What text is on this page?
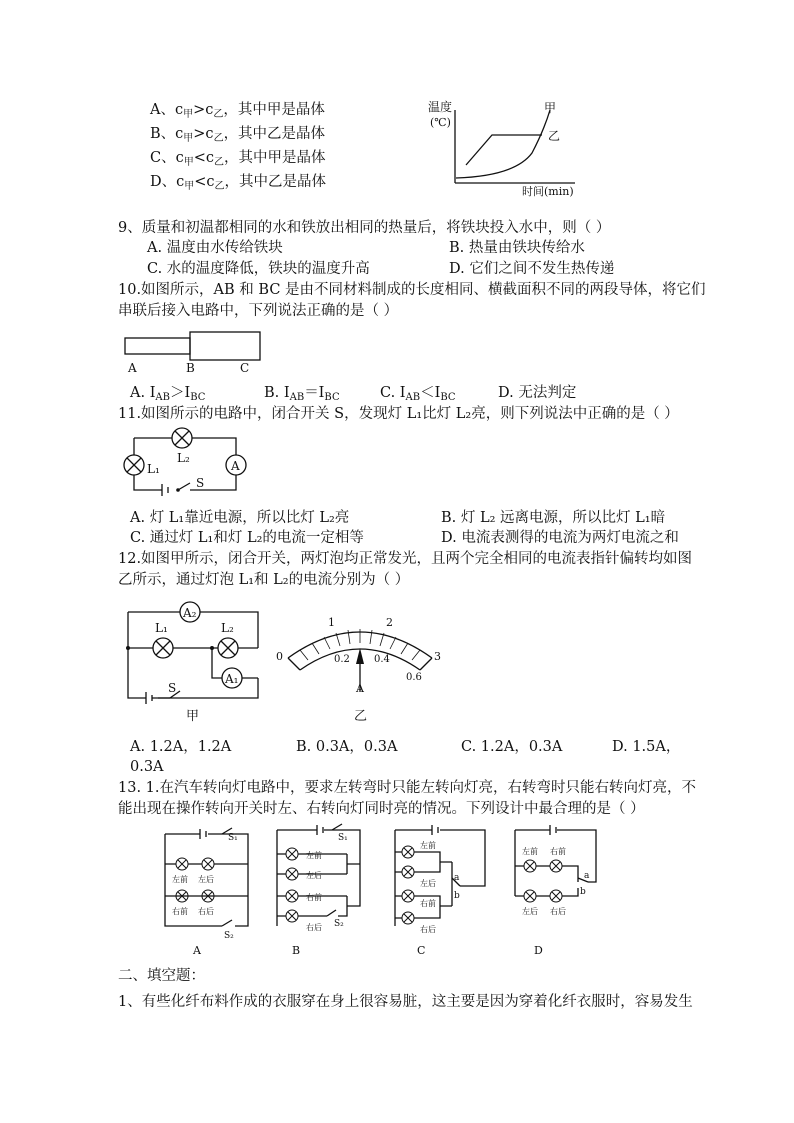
A、$c_甲>c_乙$，其中甲是晶体
B、$c_甲>c_乙$，其中乙是晶体
C、$c_甲<c_乙$，其中甲是晶体
D、$c_甲<c_乙$，其中乙是晶体
温度
(℃)
甲
乙
时间(min)
9、质量和初温都相同的水和铁放出相同的热量后，将铁块投入水中，则（ ）
A. 温度由水传给铁块	B. 热量由铁块传给水
C. 水的温度降低，铁块的温度升高	D. 它们之间不发生热传递
10.如图所示，AB 和 BC 是由不同材料制成的长度相同、横截面积不同的两段导体，将它们
串联后接入电路中，下列说法正确的是（ ）
A	B	C
A. $I_{AB}>I_{BC}$	B. $I_{AB}=I_{BC}$	C. $I_{AB}<I_{BC}$	D. 无法判定
11.如图所示的电路中，闭合开关 S，发现灯 L₁比灯 L₂亮，则下列说法中正确的是（ ）
A
L₁
L₂
S
A. 灯 L₁靠近电源，所以比灯 L₂亮	B. 灯 L₂ 远离电源，所以比灯 L₁暗
C. 通过灯 L₁和灯 L₂的电流一定相等	D. 电流表测得的电流为两灯电流之和
12.如图甲所示，闭合开关，两灯泡均正常发光，且两个完全相同的电流表指针偏转均如图
乙所示，通过灯泡 L₁和 L₂的电流分别为（ ）
A₂
L₁	L₂
A₁
S
甲
0
1	2
3
0.2 0.4
0.6
A
乙
A. 1.2A，1.2A	B. 0.3A，0.3A	C. 1.2A，0.3A	D. 1.5A，
0.3A
13. 1.在汽车转向灯电路中，要求左转弯时只能左转向灯亮，右转弯时只能右转向灯亮，不
能出现在操作转向开关时左、右转向灯同时亮的情况。下列设计中最合理的是（ ）
S₁
S₂
左前 左后
右前 右后
A
左前
左后
右前
右后
S₁
S₂
B
左前
左后
右前
右后
a
b
C
左前 右前
左后 右后
a
b
D
二、填空题：
1、有些化纤布料作成的衣服穿在身上很容易脏，这主要是因为穿着化纤衣服时，容易发生
